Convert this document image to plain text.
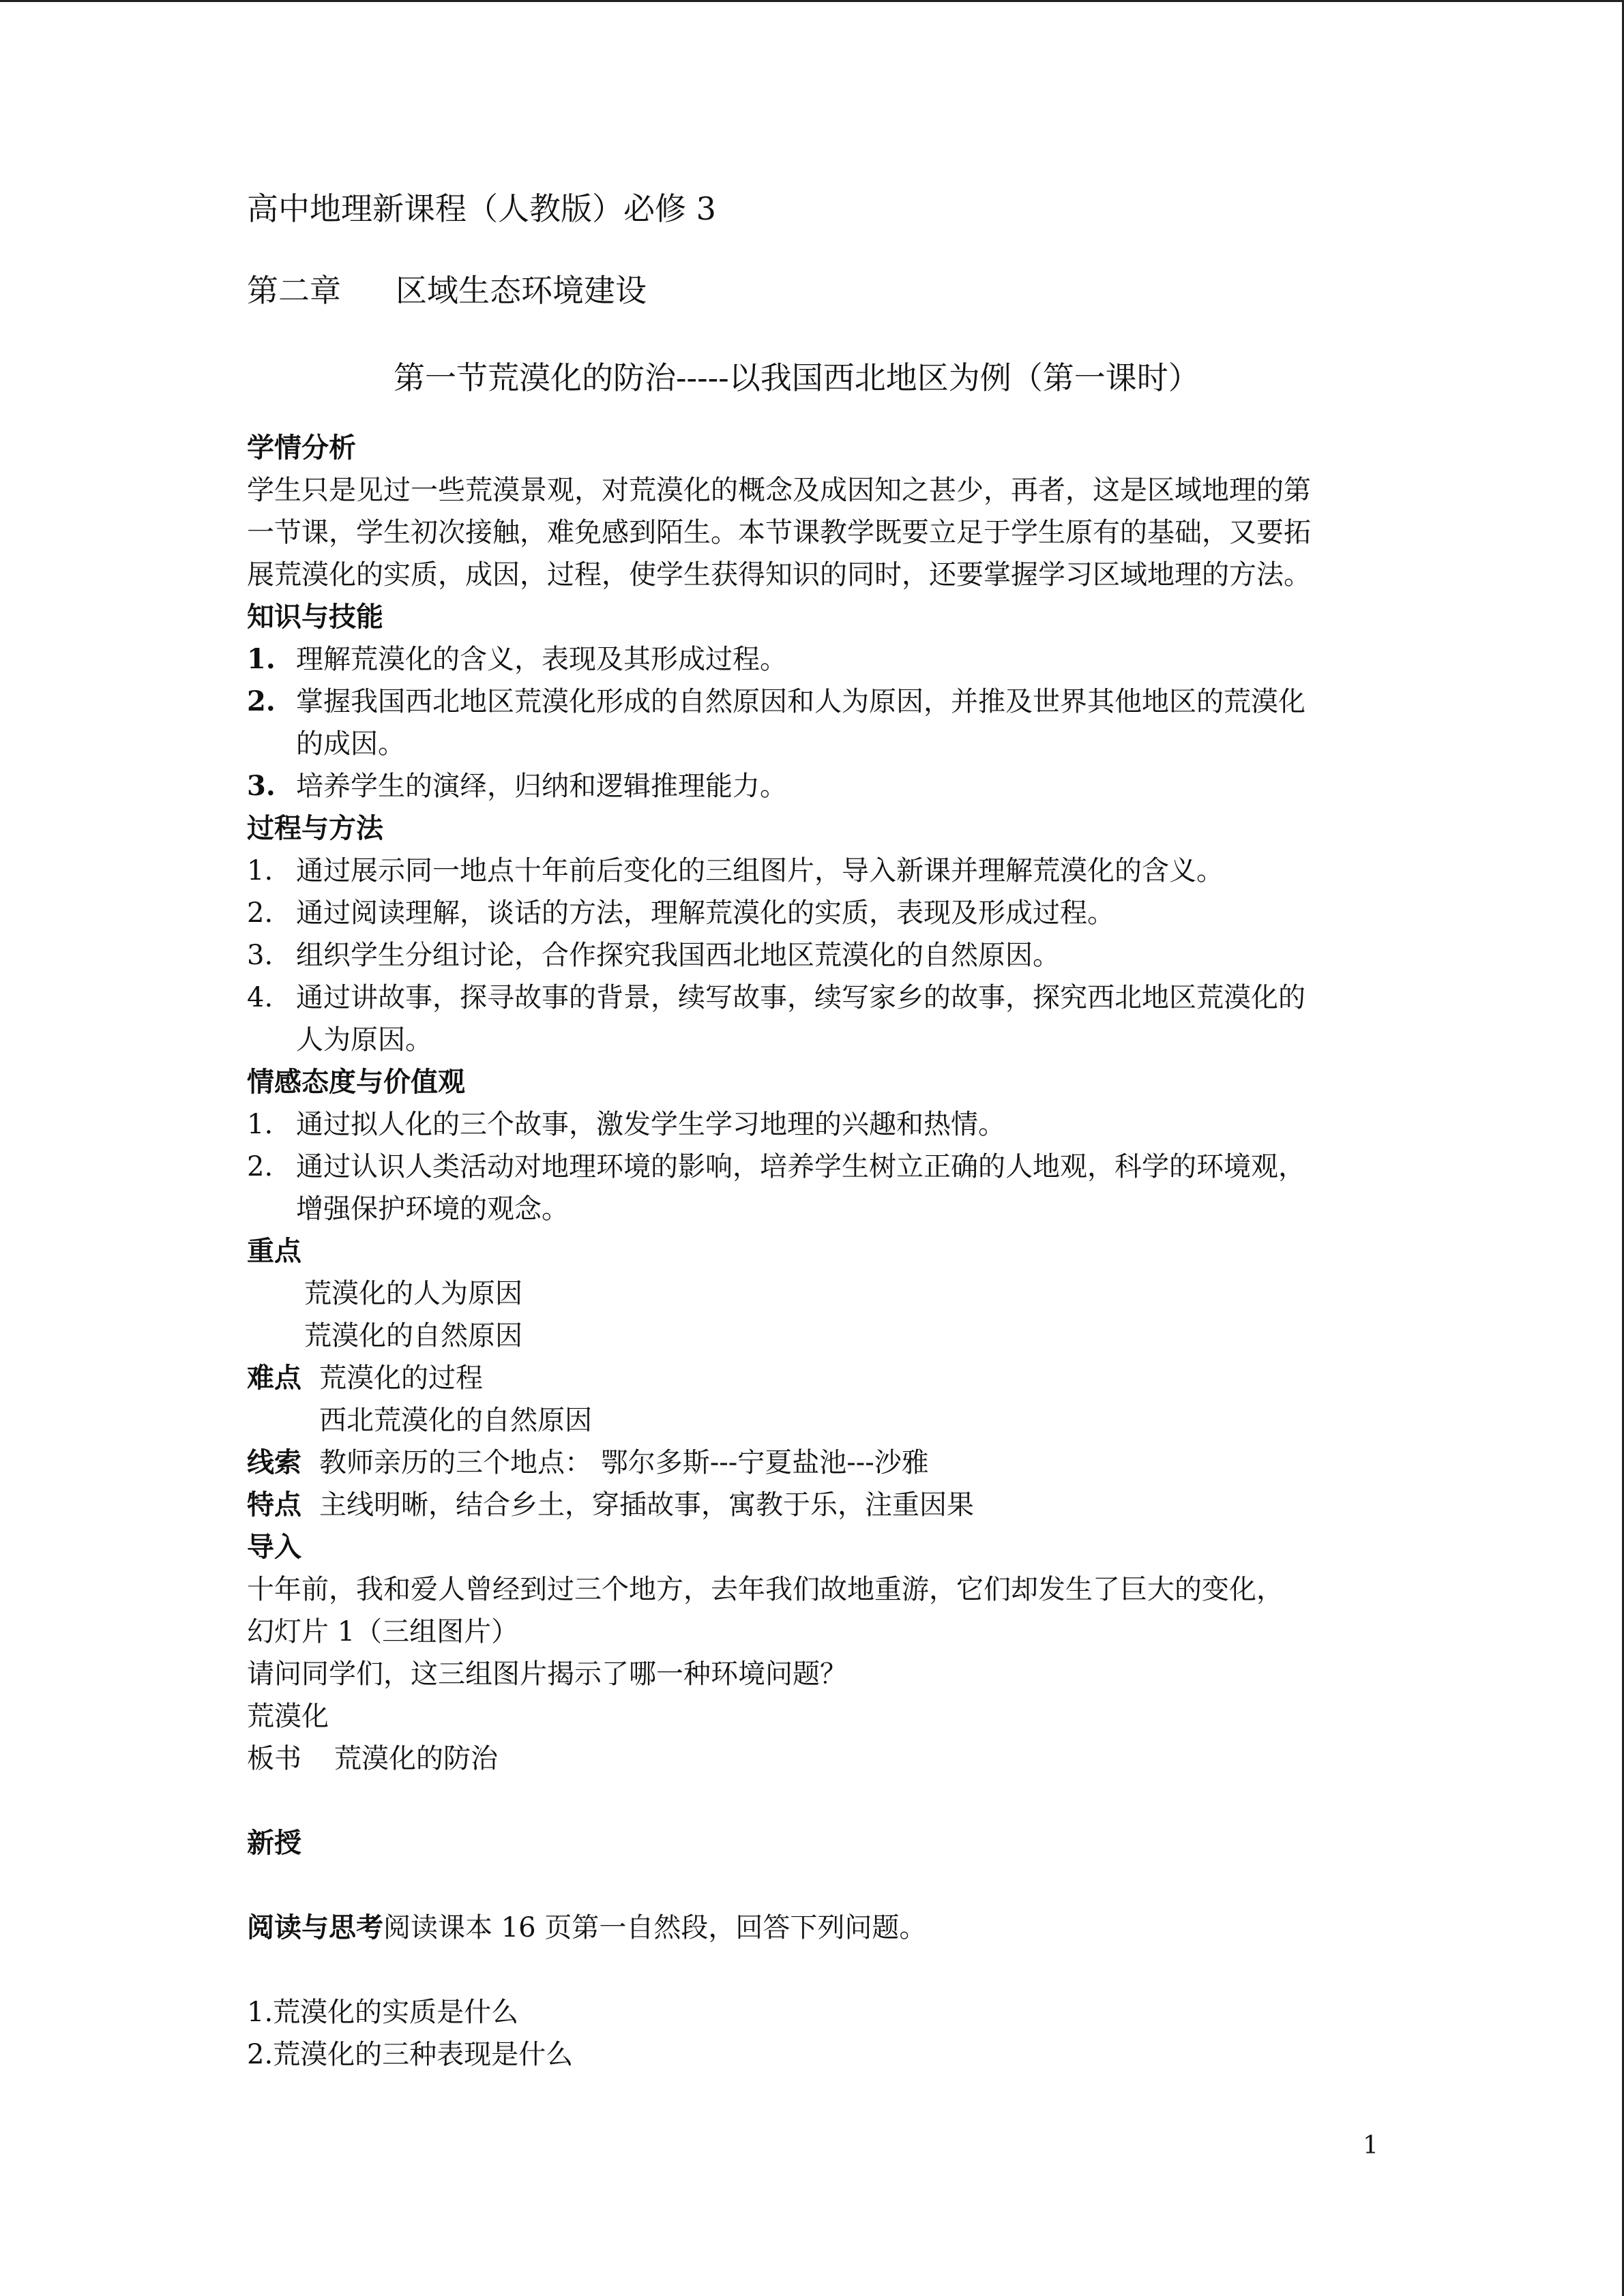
高中地理新课程（人教版）必修 3
第二章 区域生态环境建设
第一节荒漠化的防治-----以我国西北地区为例（第一课时）
学情分析
学生只是见过一些荒漠景观，对荒漠化的概念及成因知之甚少，再者，这是区域地理的第
一节课，学生初次接触，难免感到陌生。本节课教学既要立足于学生原有的基础，又要拓
展荒漠化的实质，成因，过程，使学生获得知识的同时，还要掌握学习区域地理的方法。
知识与技能
1. 理解荒漠化的含义，表现及其形成过程。
2. 掌握我国西北地区荒漠化形成的自然原因和人为原因，并推及世界其他地区的荒漠化
的成因。
3. 培养学生的演绎，归纳和逻辑推理能力。
过程与方法
1. 通过展示同一地点十年前后变化的三组图片，导入新课并理解荒漠化的含义。
2. 通过阅读理解，谈话的方法，理解荒漠化的实质，表现及形成过程。
3. 组织学生分组讨论，合作探究我国西北地区荒漠化的自然原因。
4. 通过讲故事，探寻故事的背景，续写故事，续写家乡的故事，探究西北地区荒漠化的
人为原因。
情感态度与价值观
1. 通过拟人化的三个故事，激发学生学习地理的兴趣和热情。
2. 通过认识人类活动对地理环境的影响，培养学生树立正确的人地观，科学的环境观，
增强保护环境的观念。
重点
荒漠化的人为原因
荒漠化的自然原因
难点 荒漠化的过程
西北荒漠化的自然原因
线索 教师亲历的三个地点： 鄂尔多斯---宁夏盐池---沙雅
特点 主线明晰，结合乡土，穿插故事，寓教于乐，注重因果
导入
十年前，我和爱人曾经到过三个地方，去年我们故地重游，它们却发生了巨大的变化，
幻灯片 1（三组图片）
请问同学们，这三组图片揭示了哪一种环境问题？
荒漠化
板书 荒漠化的防治
新授
阅读与思考阅读课本 16 页第一自然段，回答下列问题。
1.荒漠化的实质是什么
2.荒漠化的三种表现是什么
1
